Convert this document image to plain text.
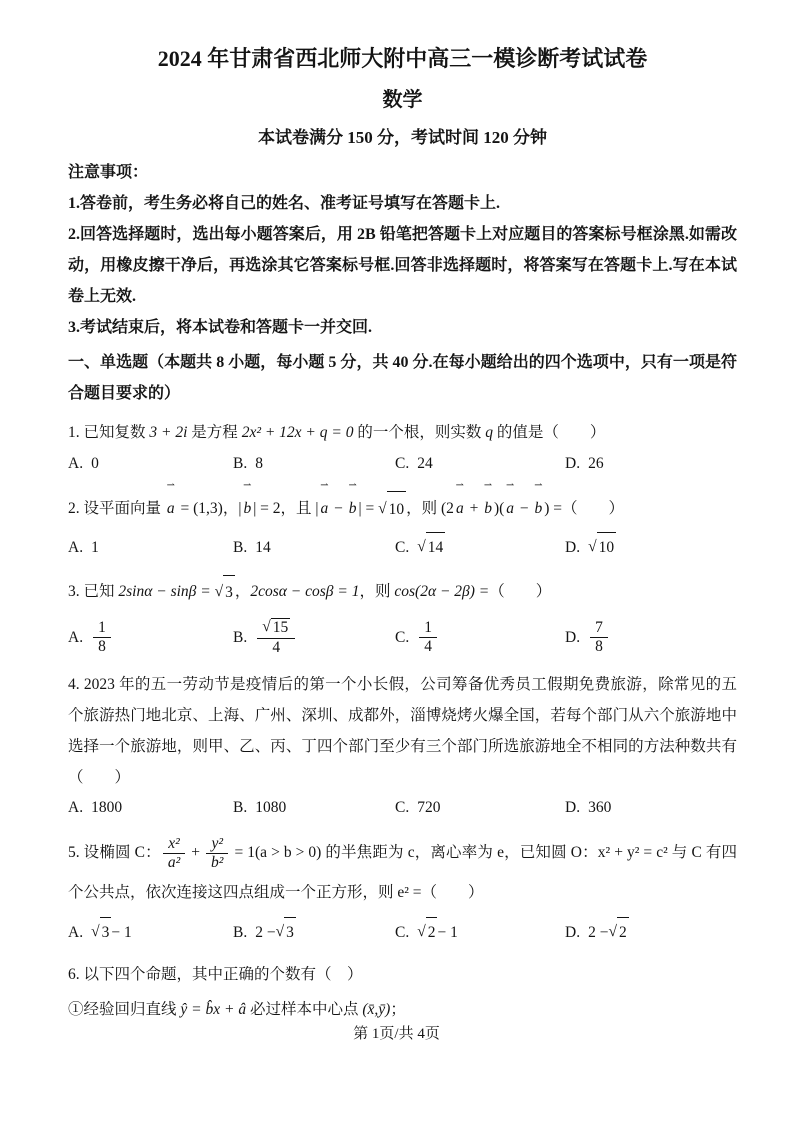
2024 年甘肃省西北师大附中高三一模诊断考试试卷
数学
本试卷满分 150 分，考试时间 120 分钟
注意事项：

1.答卷前，考生务必将自己的姓名、准考证号填写在答题卡上.

2.回答选择题时，选出每小题答案后，用 2B 铅笔把答题卡上对应题目的答案标号框涂黑.如需改动，用橡皮擦干净后，再选涂其它答案标号框.回答非选择题时，将答案写在答题卡上.写在本试卷上无效.

3.考试结束后，将本试卷和答题卡一并交回.

一、单选题（本题共 8 小题，每小题 5 分，共 40 分.在每小题给出的四个选项中，只有一项是符合题目要求的）

1. 已知复数 3 + 2i 是方程 2x² + 12x + q = 0 的一个根，则实数 q 的值是（　　）

A. 0	B. 8	C. 24	D. 26

2. 设平面向量
⇀
a = (1,3)，|
⇀
b | = 2，且 |
⇀
a −
⇀
b | = √ 10 ，则 (2
⇀
a +
⇀
b )(
⇀
a −
⇀
b ) =（　　）

A. 1	B. 14	C. √ 14	D. √ 10

3. 已知 2sinα − sinβ = √ 3 ，2cosα − cosβ = 1，则 cos(2α − 2β) =（　　）

A. $\frac{1}{8}$	B. $\frac{√ 15}{4}$	C. $\frac{1}{4}$	D. $\frac{7}{8}$

4. 2023 年的五一劳动节是疫情后的第一个小长假，公司筹备优秀员工假期免费旅游，除常见的五个旅游热门地北京、上海、广州、深圳、成都外，淄博烧烤火爆全国，若每个部门从六个旅游地中选择一个旅游地，则甲、乙、丙、丁四个部门至少有三个部门所选旅游地全不相同的方法种数共有（　　）

A. 1800	B. 1080	C. 720	D. 360

5. 设椭圆 C： $\frac{\text{x²}}{\text{a²}} + \frac{\text{y²}}{\text{b²}} = 1(a > b > 0)$ 的半焦距为 c，离心率为 e，已知圆 O：x² + y² = c² 与 C 有四个公共点，依次连接这四点组成一个正方形，则 e² =（　　）

A. √ 3 − 1	B. 2 − √ 3	C. √ 2 − 1	D. 2 − √ 2

6. 以下四个命题，其中正确的个数有（　）

①经验回归直线 ŷ = b̂x + â 必过样本中心点 (x̄,ȳ)；

第 1页/共 4页
